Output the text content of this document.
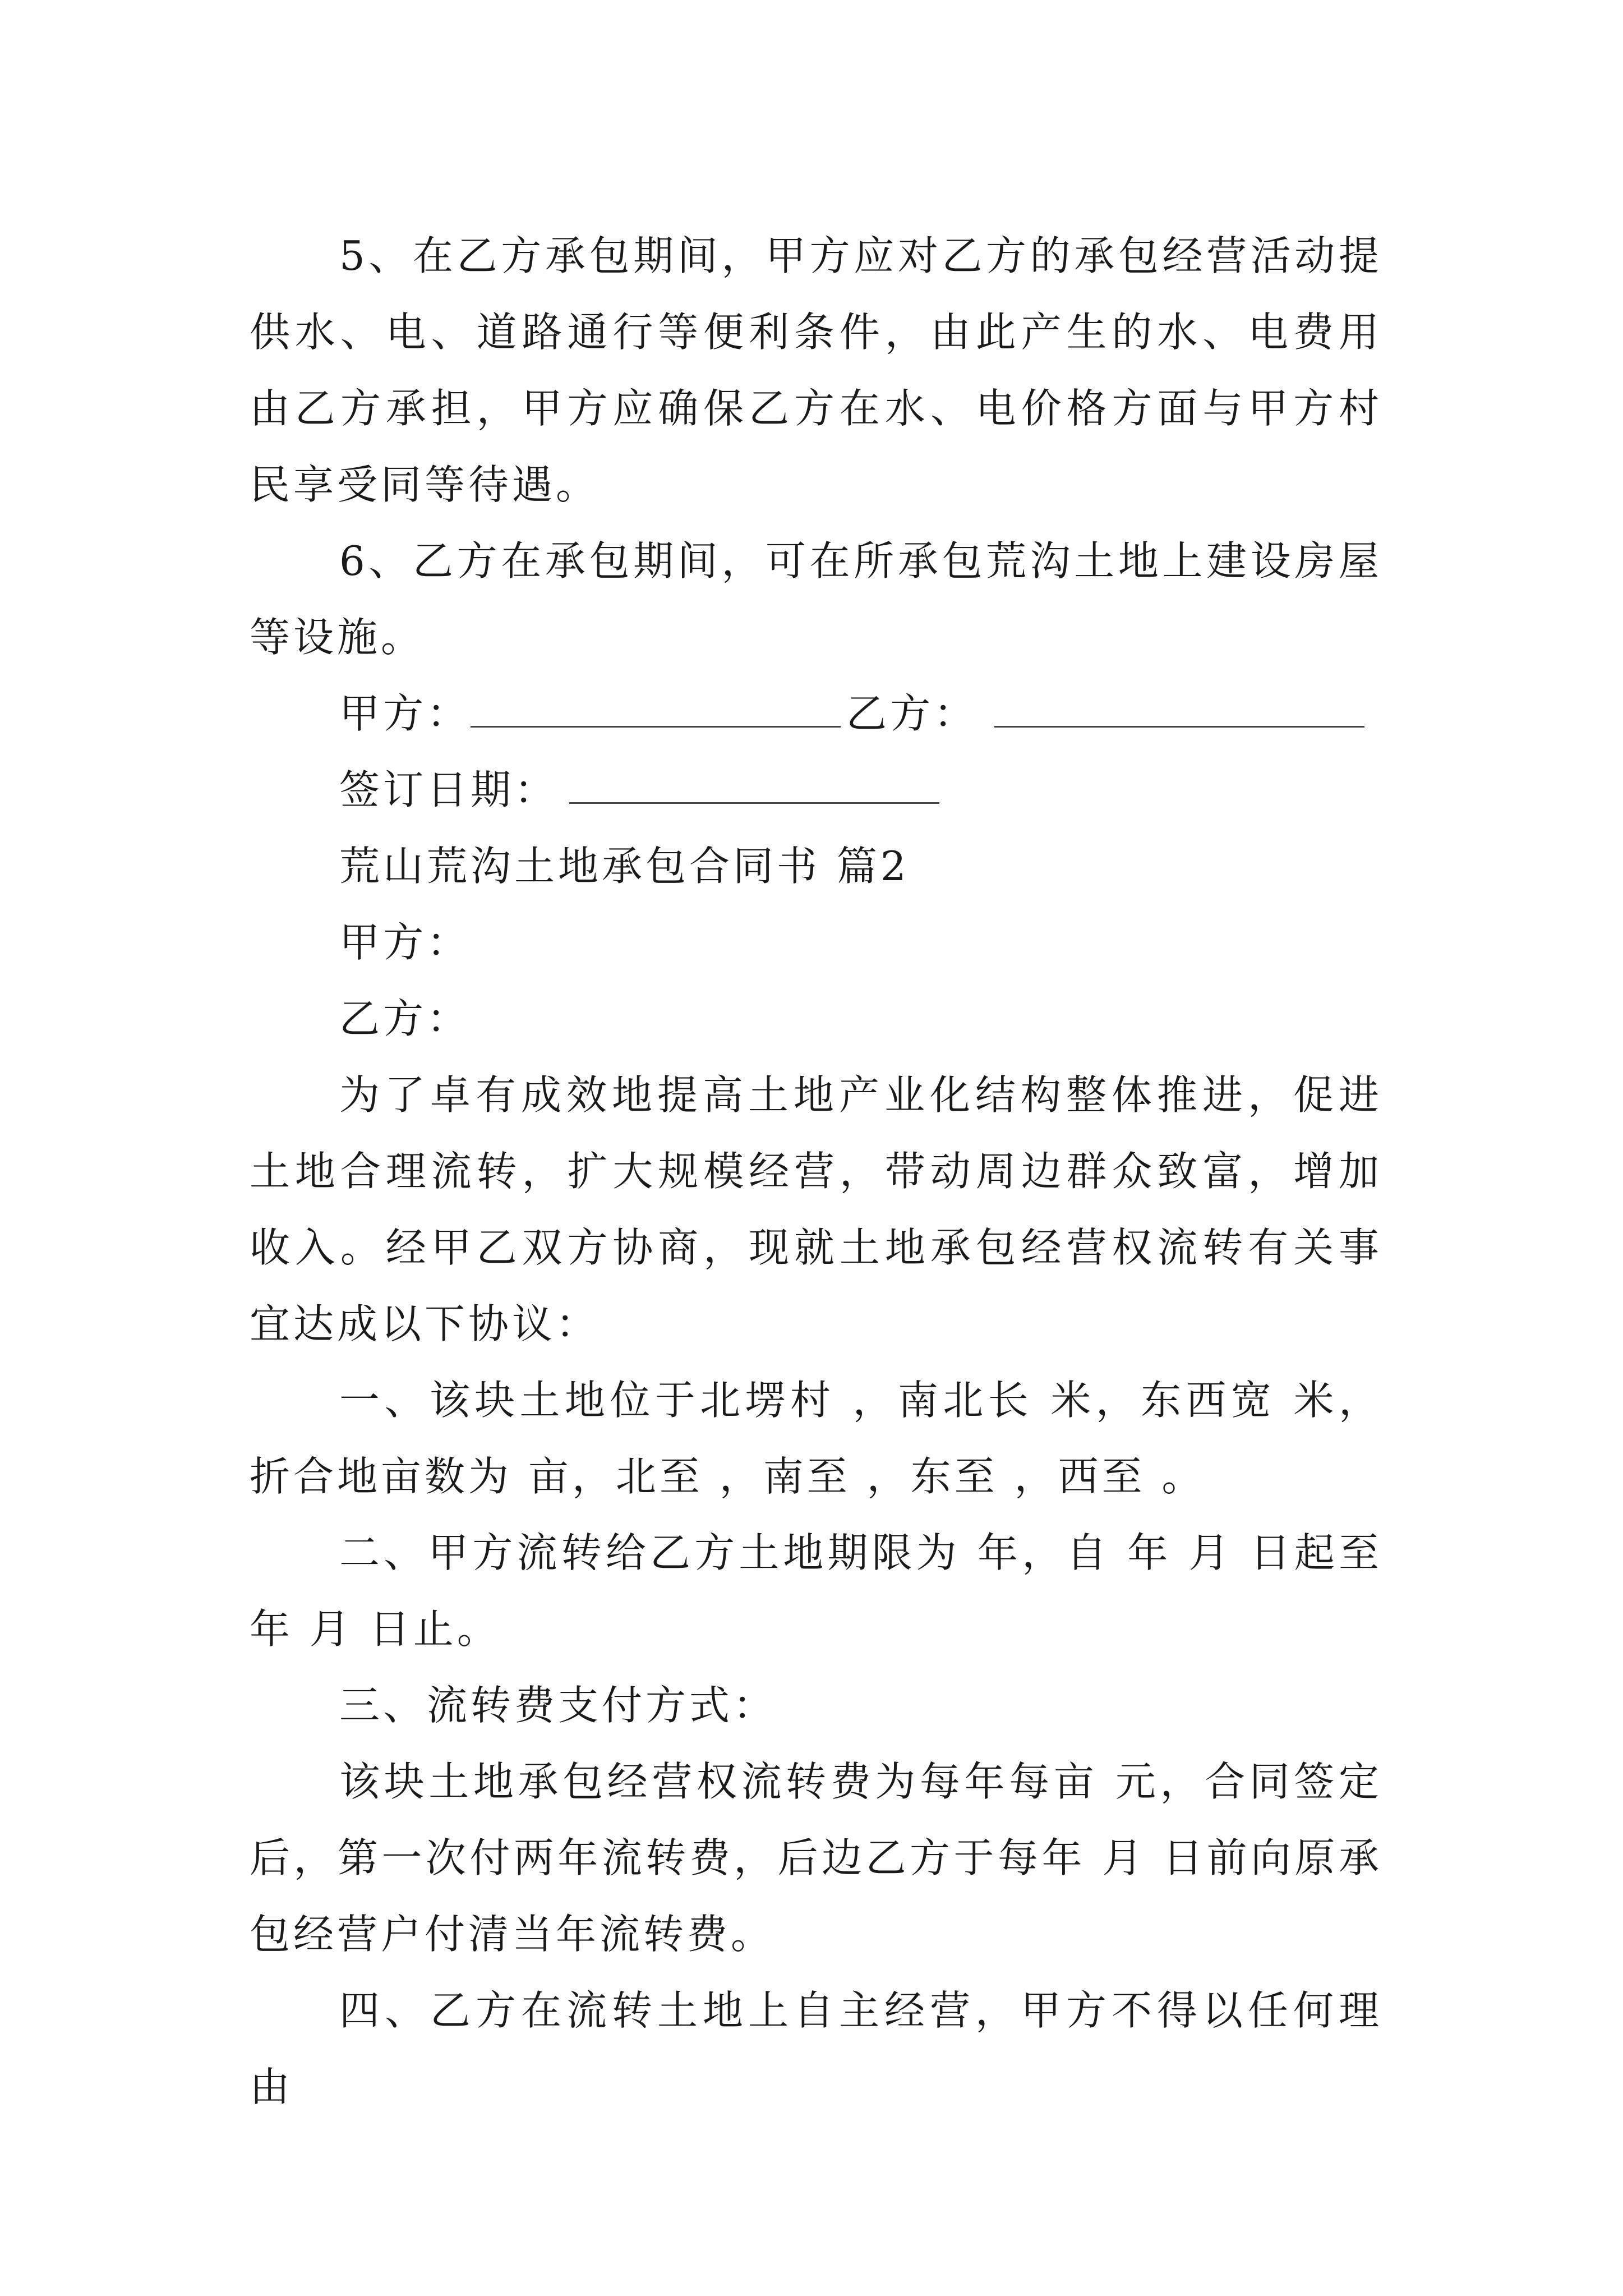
5、在乙方承包期间，甲方应对乙方的承包经营活动提供水、电、道路通行等便利条件，由此产生的水、电费用由乙方承担，甲方应确保乙方在水、电价格方面与甲方村民享受同等待遇。

6、乙方在承包期间，可在所承包荒沟土地上建设房屋等设施。

甲方：	乙方：

签订日期：

荒山荒沟土地承包合同书 篇2

甲方：

乙方：

为了卓有成效地提高土地产业化结构整体推进，促进土地合理流转，扩大规模经营，带动周边群众致富，增加收入。经甲乙双方协商，现就土地承包经营权流转有关事宜达成以下协议：

一、该块土地位于北塄村 ，南北长 米，东西宽 米，折合地亩数为 亩，北至 ，南至 ，东至 ，西至 。

二、甲方流转给乙方土地期限为 年，自 年 月 日起至 年 月 日止。

三、流转费支付方式：

该块土地承包经营权流转费为每年每亩 元，合同签定后，第一次付两年流转费，后边乙方于每年 月 日前向原承包经营户付清当年流转费。

四、乙方在流转土地上自主经营，甲方不得以任何理由
